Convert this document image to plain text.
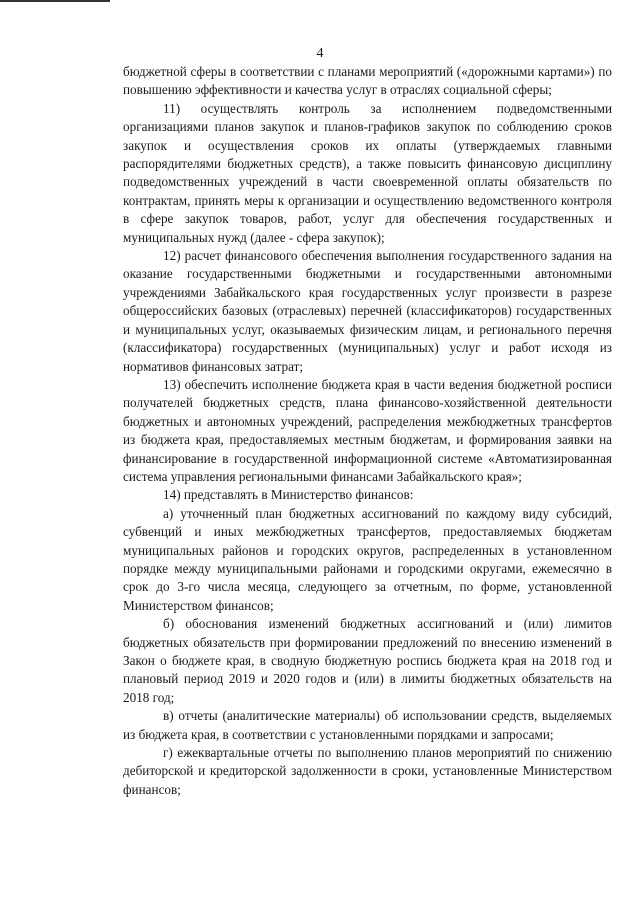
4

бюджетной сферы в соответствии с планами мероприятий («дорожными картами») по повышению эффективности и качества услуг в отраслях социальной сферы;

11) осуществлять контроль за исполнением подведомственными организациями планов закупок и планов-графиков закупок по соблюдению сроков закупок и осуществления сроков их оплаты (утверждаемых главными распорядителями бюджетных средств), а также повысить финансовую дисциплину подведомственных учреждений в части своевременной оплаты обязательств по контрактам, принять меры к организации и осуществлению ведомственного контроля в сфере закупок товаров, работ, услуг для обеспечения государственных и муниципальных нужд (далее - сфера закупок);

12) расчет финансового обеспечения выполнения государственного задания на оказание государственными бюджетными и государственными автономными учреждениями Забайкальского края государственных услуг произвести в разрезе общероссийских базовых (отраслевых) перечней (классификаторов) государственных и муниципальных услуг, оказываемых физическим лицам, и регионального перечня (классификатора) государственных (муниципальных) услуг и работ исходя из нормативов финансовых затрат;

13) обеспечить исполнение бюджета края в части ведения бюджетной росписи получателей бюджетных средств, плана финансово-хозяйственной деятельности бюджетных и автономных учреждений, распределения межбюджетных трансфертов из бюджета края, предоставляемых местным бюджетам, и формирования заявки на финансирование в государственной информационной системе «Автоматизированная система управления региональными финансами Забайкальского края»;

14) представлять в Министерство финансов:

а) уточненный план бюджетных ассигнований по каждому виду субсидий, субвенций и иных межбюджетных трансфертов, предоставляемых бюджетам муниципальных районов и городских округов, распределенных в установленном порядке между муниципальными районами и городскими округами, ежемесячно в срок до 3-го числа месяца, следующего за отчетным, по форме, установленной Министерством финансов;

б) обоснования изменений бюджетных ассигнований и (или) лимитов бюджетных обязательств при формировании предложений по внесению изменений в Закон о бюджете края, в сводную бюджетную роспись бюджета края на 2018 год и плановый период 2019 и 2020 годов и (или) в лимиты бюджетных обязательств на 2018 год;

в) отчеты (аналитические материалы) об использовании средств, выделяемых из бюджета края, в соответствии с установленными порядками и запросами;

г) ежеквартальные отчеты по выполнению планов мероприятий по снижению дебиторской и кредиторской задолженности в сроки, установленные Министерством финансов;
